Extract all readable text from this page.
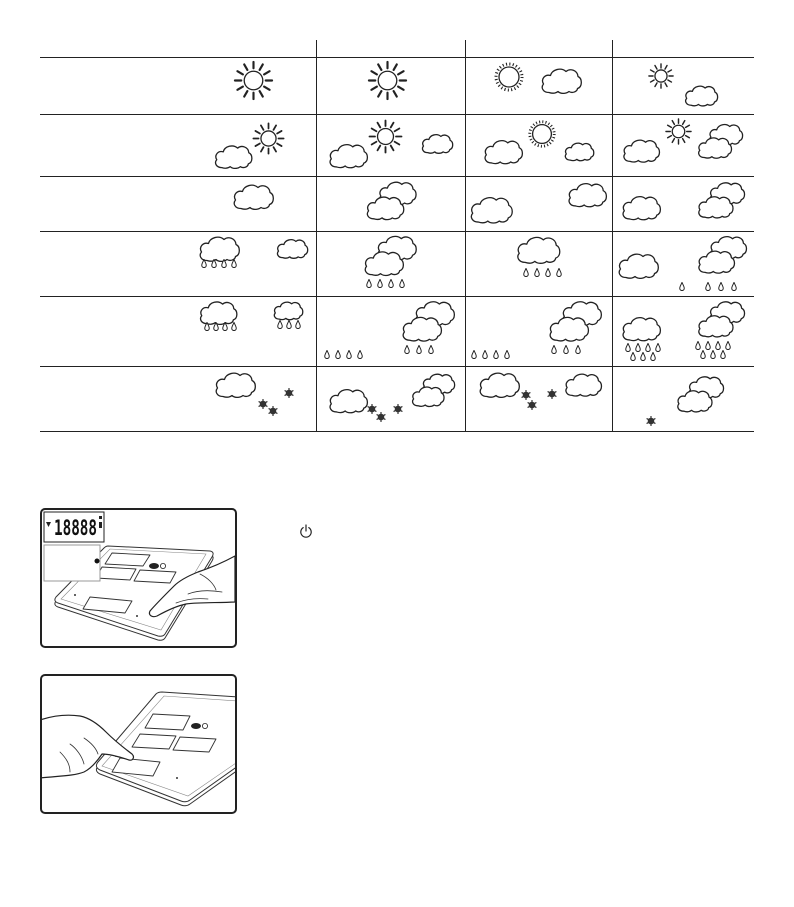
18888
